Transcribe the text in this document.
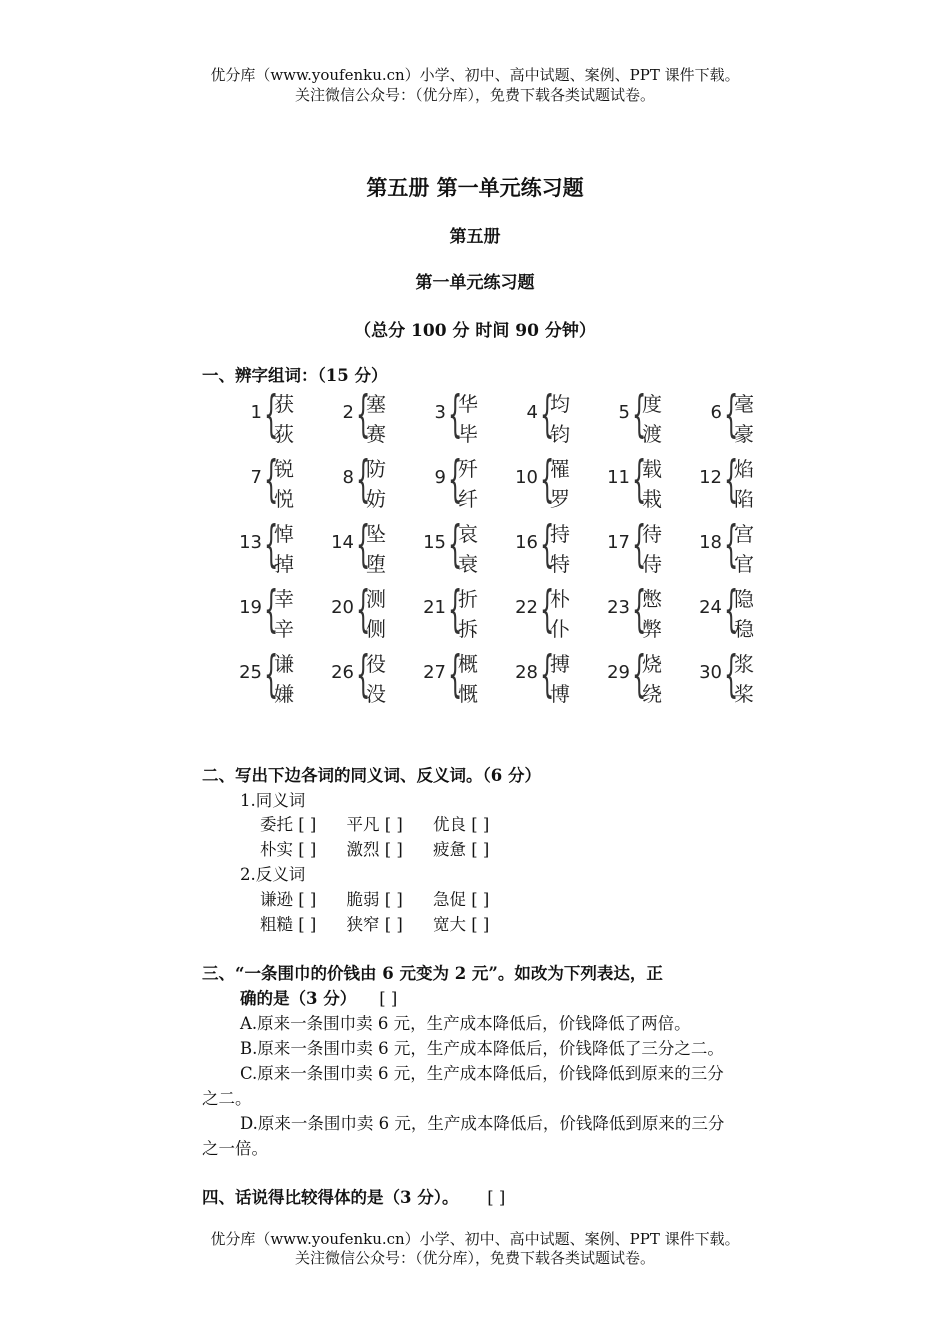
优分库（www.youfenku.cn）小学、初中、高中试题、案例、PPT 课件下载。
关注微信公众号：（优分库），免费下载各类试题试卷。
第五册 第一单元练习题
第五册
第一单元练习题
（总分 100 分 时间 90 分钟）
一、辨字组词：（15 分）
1 {
获
荻
2 {
塞
赛
3 {
华
毕
4 {
均
钧
5 {
度
渡
6 {
毫
豪
7 {
锐
悦
8 {
防
妨
9 {
歼
纤
10 {
罹
罗
11 {
载
栽
12 {
焰
陷
13 {
悼
掉
14 {
坠
堕
15 {
哀
衰
16 {
持
特
17 {
待
侍
18 {
宫
官
19 {
幸
辛
20 {
测
侧
21 {
折
拆
22 {
朴
仆
23 {
憋
弊
24 {
隐
稳
25 {
谦
嫌
26 {
役
没
27 {
概
慨
28 {
搏
博
29 {
烧
绕
30 {
浆
桨
二、写出下边各词的同义词、反义词。（6 分）
1.同义词
委托 [ ] 平凡 [ ] 优良 [ ]
朴实 [ ] 激烈 [ ] 疲惫 [ ]
2.反义词
谦逊 [ ] 脆弱 [ ] 急促 [ ]
粗糙 [ ] 狭窄 [ ] 宽大 [ ]
三、“一条围巾的价钱由 6 元变为 2 元”。如改为下列表达，正
确的是（3 分） [ ]
A.原来一条围巾卖 6 元，生产成本降低后，价钱降低了两倍。
B.原来一条围巾卖 6 元，生产成本降低后，价钱降低了三分之二。
C.原来一条围巾卖 6 元，生产成本降低后，价钱降低到原来的三分
之二。
D.原来一条围巾卖 6 元，生产成本降低后，价钱降低到原来的三分
之一倍。
四、话说得比较得体的是（3 分）。 [ ]
优分库（www.youfenku.cn）小学、初中、高中试题、案例、PPT 课件下载。
关注微信公众号：（优分库），免费下载各类试题试卷。
